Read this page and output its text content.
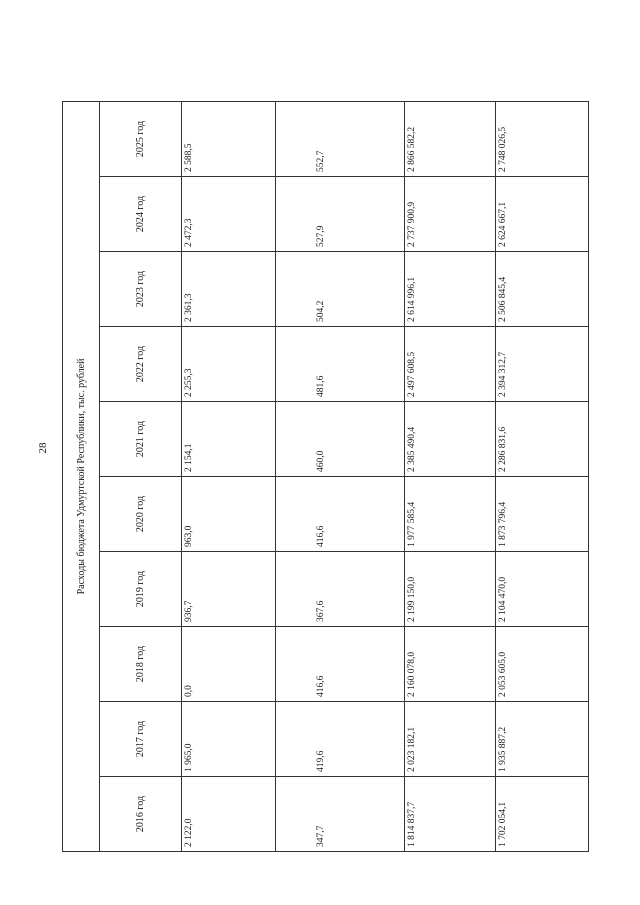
28	Расходы бюджета Удмуртской Республики, тыс. рублей									
2016 год	2017 год	2018 год	2019 год	2020 год	2021 год	2022 год	2023 год	2024 год	2025 год
2 122,0	1 965,0	0,0	936,7	963,0	2 154,1	2 255,3	2 361,3	2 472,3	2 588,5
347,7	419,6	416,6	367,6	416,6	460,0	481,6	504,2	527,9	552,7
1 814 837,7	2 023 182,1	2 160 078,0	2 199 150,0	1 977 585,4	2 385 490,4	2 497 608,5	2 614 996,1	2 737 900,9	2 866 582,2
1 702 054,1	1 935 887,2	2 053 605,0	2 104 470,0	1 873 796,4	2 286 831,6	2 394 312,7	2 506 845,4	2 624 667,1	2 748 026,5
